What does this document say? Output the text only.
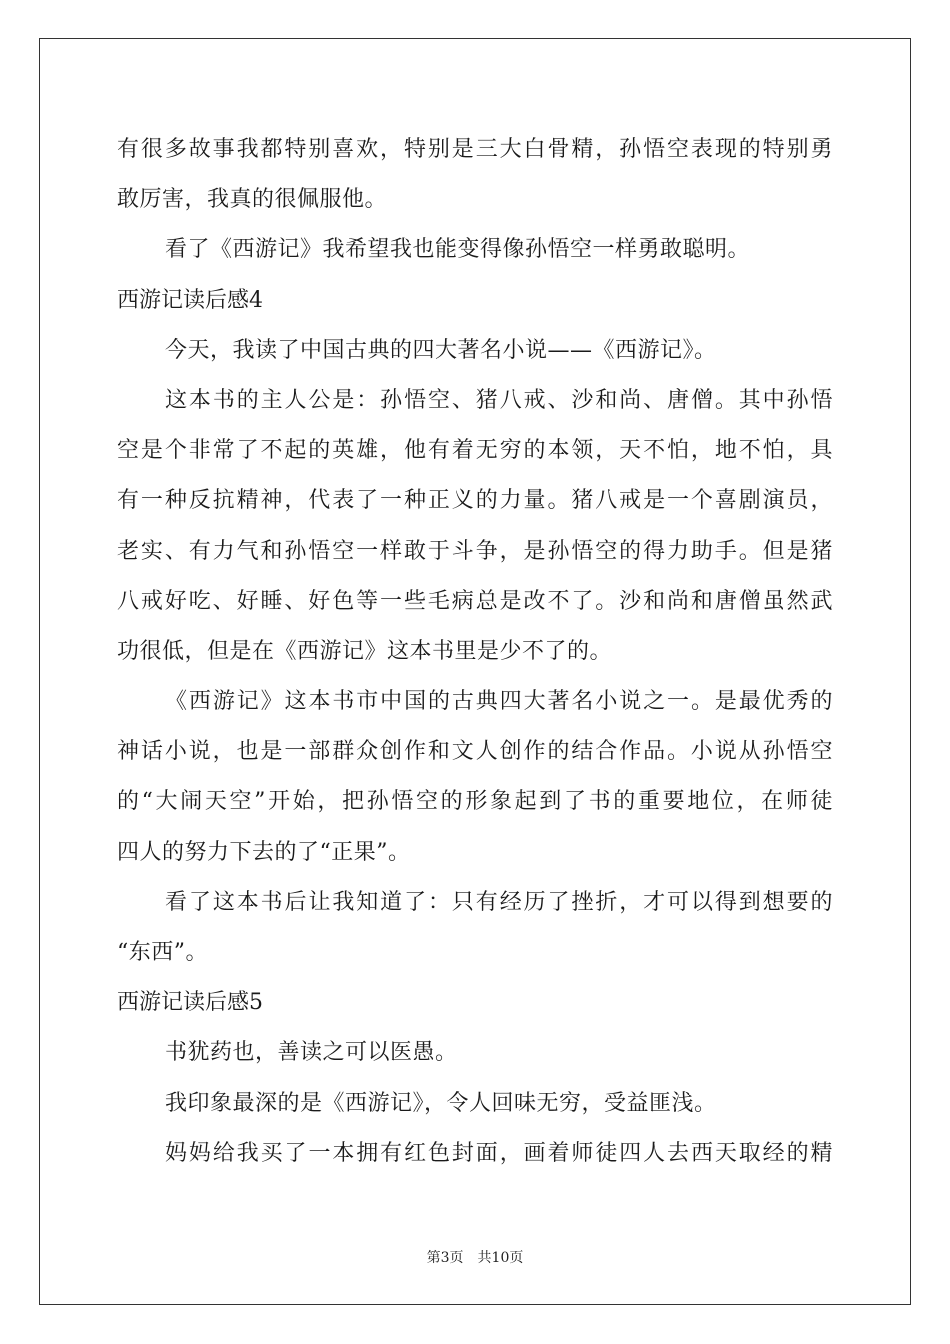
有很多故事我都特别喜欢，特别是三大白骨精，孙悟空表现的特别勇
敢厉害，我真的很佩服他。
看了《西游记》我希望我也能变得像孙悟空一样勇敢聪明。
西游记读后感4
今天，我读了中国古典的四大著名小说——《西游记》。
这本书的主人公是：孙悟空、猪八戒、沙和尚、唐僧。其中孙悟
空是个非常了不起的英雄，他有着无穷的本领，天不怕，地不怕，具
有一种反抗精神，代表了一种正义的力量。猪八戒是一个喜剧演员，
老实、有力气和孙悟空一样敢于斗争，是孙悟空的得力助手。但是猪
八戒好吃、好睡、好色等一些毛病总是改不了。沙和尚和唐僧虽然武
功很低，但是在《西游记》这本书里是少不了的。
《西游记》这本书市中国的古典四大著名小说之一。是最优秀的
神话小说，也是一部群众创作和文人创作的结合作品。小说从孙悟空
的“大闹天空”开始，把孙悟空的形象起到了书的重要地位，在师徒
四人的努力下去的了“正果”。
看了这本书后让我知道了：只有经历了挫折，才可以得到想要的
“东西”。
西游记读后感5
书犹药也，善读之可以医愚。
我印象最深的是《西游记》，令人回味无穷，受益匪浅。
妈妈给我买了一本拥有红色封面，画着师徒四人去西天取经的精
第3页 共10页
